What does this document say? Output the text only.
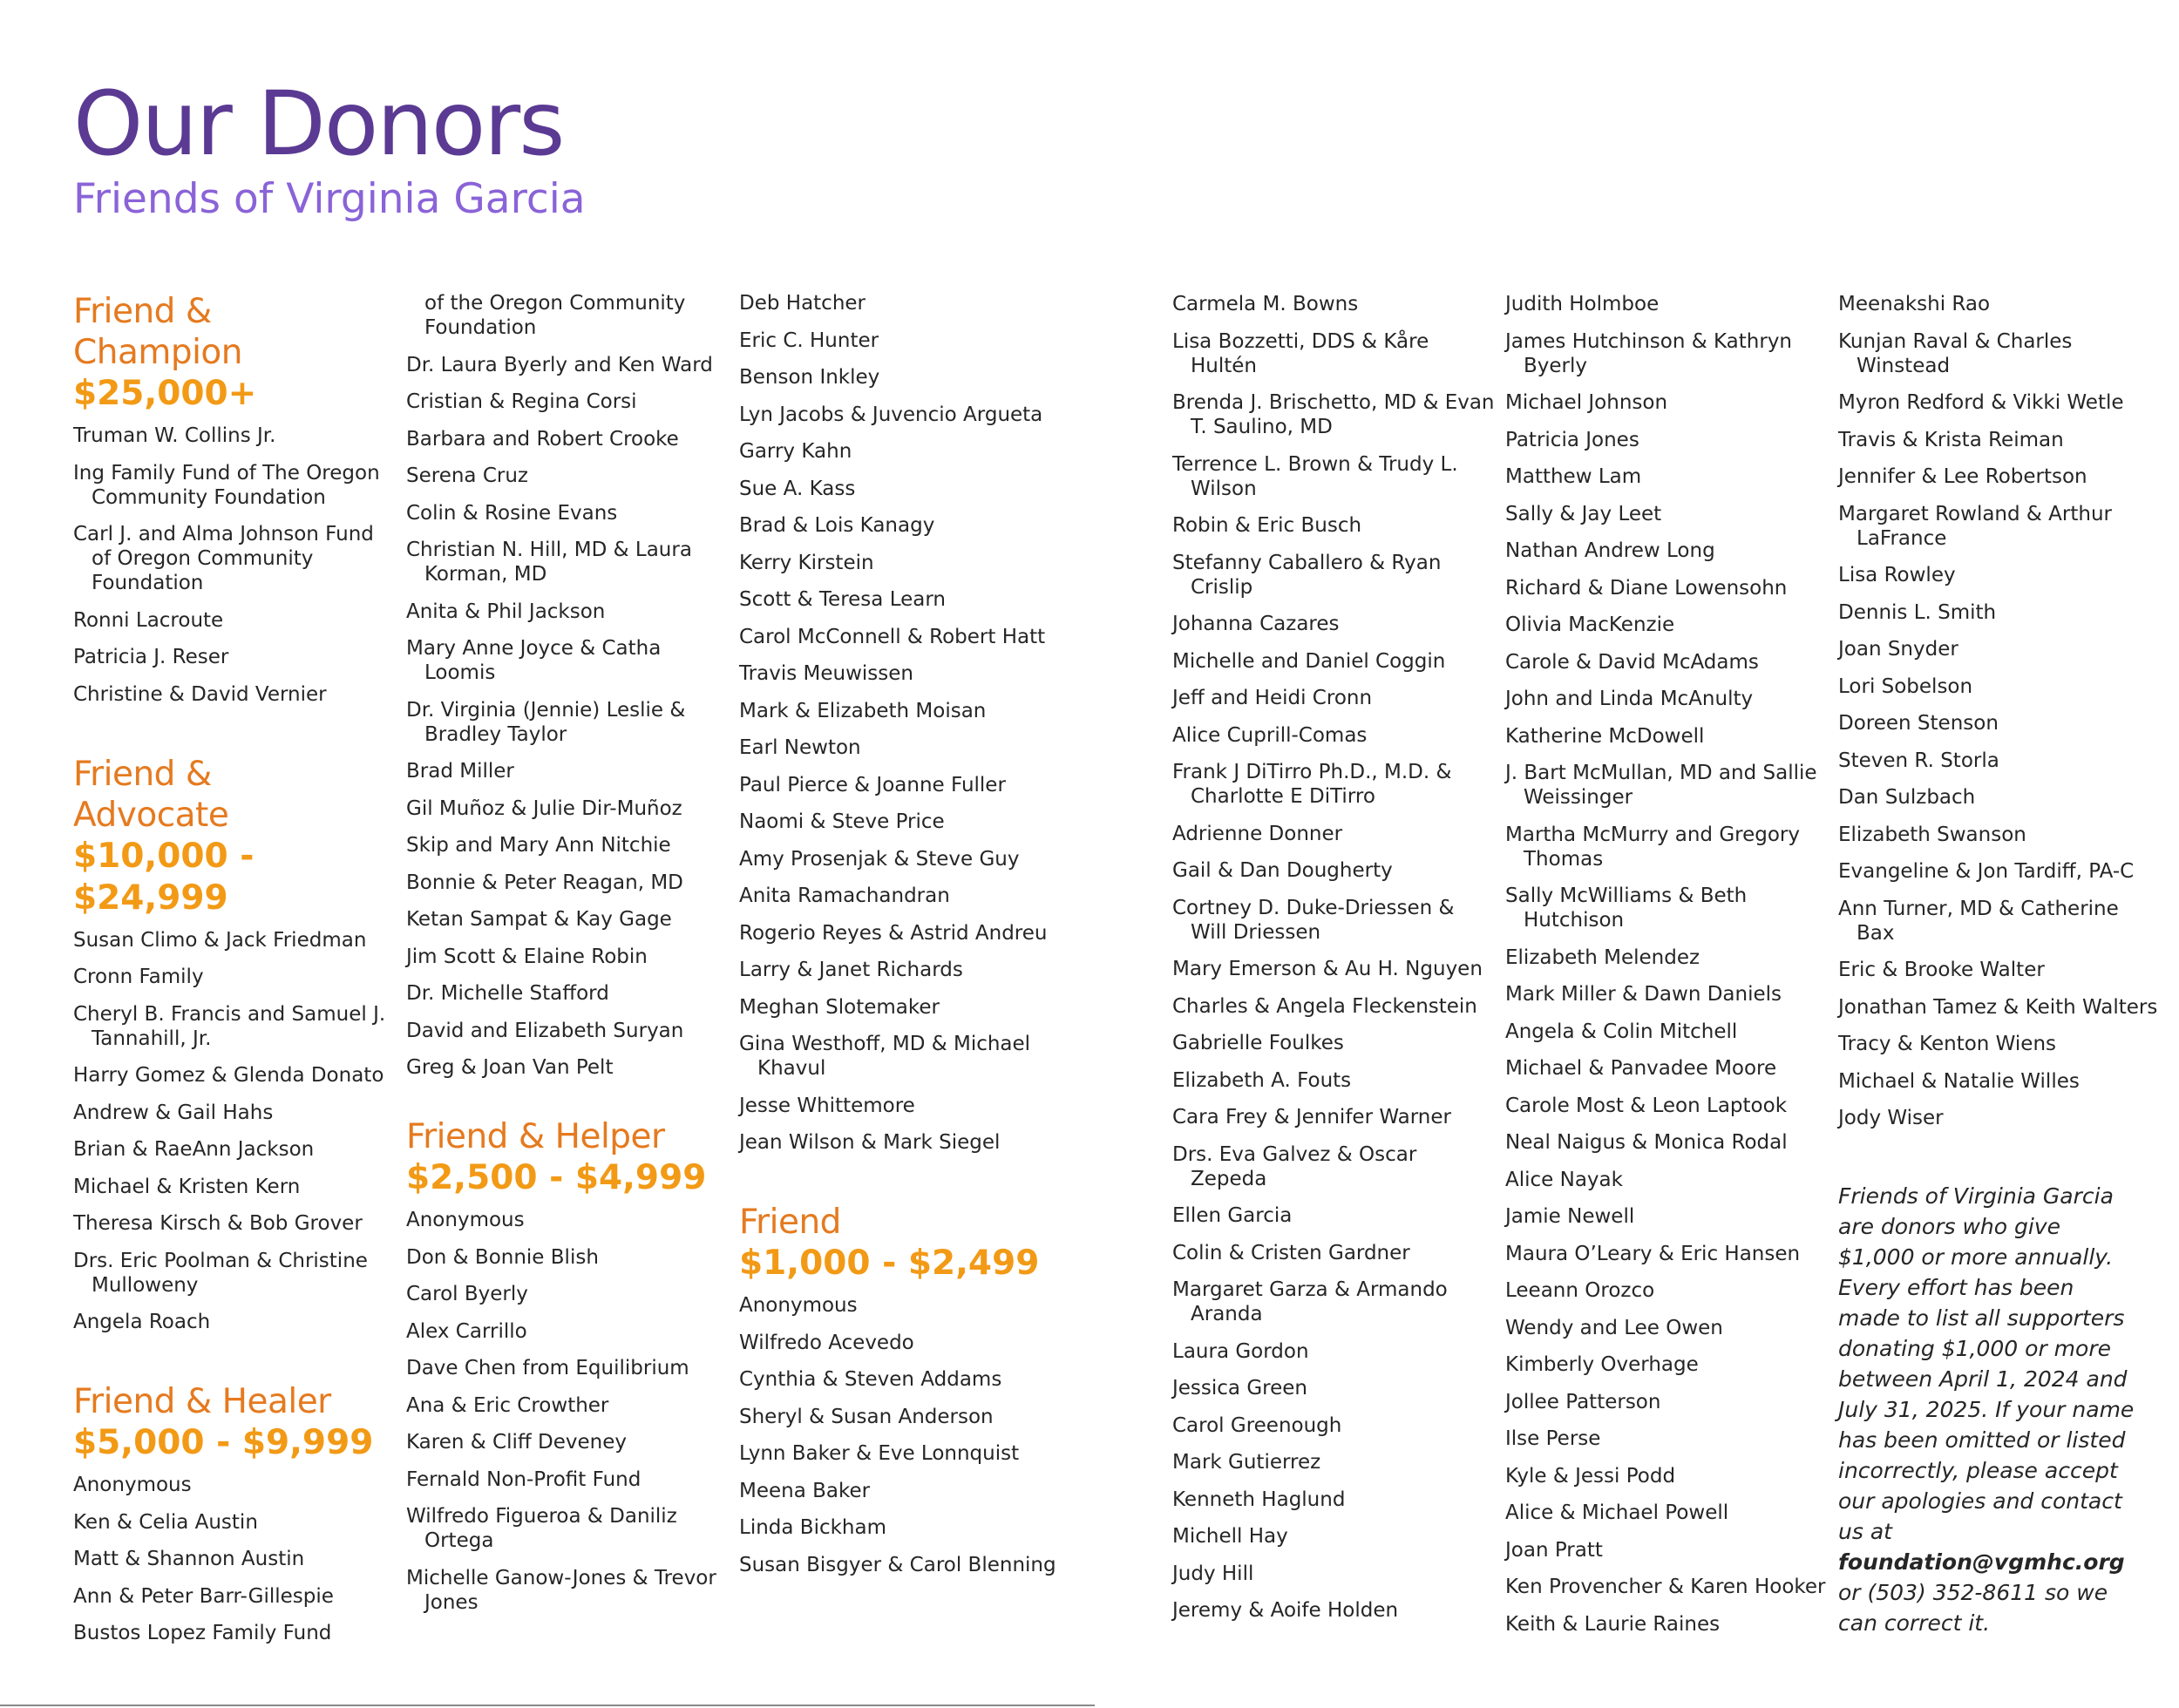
Our Donors
Friends of Virginia Garcia
Friend & Champion
$25,000+
Truman W. Collins Jr.
Ing Family Fund of The Oregon Community Foundation
Carl J. and Alma Johnson Fund of Oregon Community Foundation
Ronni Lacroute
Patricia J. Reser
Christine & David Vernier
Friend & Advocate
$10,000 - $24,999
Susan Climo & Jack Friedman
Cronn Family
Cheryl B. Francis and Samuel J. Tannahill, Jr.
Harry Gomez & Glenda Donato
Andrew & Gail Hahs
Brian & RaeAnn Jackson
Michael & Kristen Kern
Theresa Kirsch & Bob Grover
Drs. Eric Poolman & Christine Mulloweny
Angela Roach
Friend & Healer
$5,000 - $9,999
Anonymous
Ken & Celia Austin
Matt & Shannon Austin
Ann & Peter Barr-Gillespie
Bustos Lopez Family Fund
of the Oregon Community Foundation
Dr. Laura Byerly and Ken Ward
Cristian & Regina Corsi
Barbara and Robert Crooke
Serena Cruz
Colin & Rosine Evans
Christian N. Hill, MD & Laura Korman, MD
Anita & Phil Jackson
Mary Anne Joyce & Catha Loomis
Dr. Virginia (Jennie) Leslie & Bradley Taylor
Brad Miller
Gil Muñoz & Julie Dir-Muñoz
Skip and Mary Ann Nitchie
Bonnie & Peter Reagan, MD
Ketan Sampat & Kay Gage
Jim Scott & Elaine Robin
Dr. Michelle Stafford
David and Elizabeth Suryan
Greg & Joan Van Pelt
Friend & Helper
$2,500 - $4,999
Anonymous
Don & Bonnie Blish
Carol Byerly
Alex Carrillo
Dave Chen from Equilibrium
Ana & Eric Crowther
Karen & Cliff Deveney
Fernald Non-Profit Fund
Wilfredo Figueroa & Daniliz Ortega
Michelle Ganow-Jones & Trevor Jones
Deb Hatcher
Eric C. Hunter
Benson Inkley
Lyn Jacobs & Juvencio Argueta
Garry Kahn
Sue A. Kass
Brad & Lois Kanagy
Kerry Kirstein
Scott & Teresa Learn
Carol McConnell & Robert Hatt
Travis Meuwissen
Mark & Elizabeth Moisan
Earl Newton
Paul Pierce & Joanne Fuller
Naomi & Steve Price
Amy Prosenjak & Steve Guy
Anita Ramachandran
Rogerio Reyes & Astrid Andreu
Larry & Janet Richards
Meghan Slotemaker
Gina Westhoff, MD & Michael Khavul
Jesse Whittemore
Jean Wilson & Mark Siegel
Friend
$1,000 - $2,499
Anonymous
Wilfredo Acevedo
Cynthia & Steven Addams
Sheryl & Susan Anderson
Lynn Baker & Eve Lonnquist
Meena Baker
Linda Bickham
Susan Bisgyer & Carol Blenning
Carmela M. Bowns
Lisa Bozzetti, DDS & Kåre Hultén
Brenda J. Brischetto, MD & Evan T. Saulino, MD
Terrence L. Brown & Trudy L. Wilson
Robin & Eric Busch
Stefanny Caballero & Ryan Crislip
Johanna Cazares
Michelle and Daniel Coggin
Jeff and Heidi Cronn
Alice Cuprill-Comas
Frank J DiTirro Ph.D., M.D. & Charlotte E DiTirro
Adrienne Donner
Gail & Dan Dougherty
Cortney D. Duke-Driessen & Will Driessen
Mary Emerson & Au H. Nguyen
Charles & Angela Fleckenstein
Gabrielle Foulkes
Elizabeth A. Fouts
Cara Frey & Jennifer Warner
Drs. Eva Galvez & Oscar Zepeda
Ellen Garcia
Colin & Cristen Gardner
Margaret Garza & Armando Aranda
Laura Gordon
Jessica Green
Carol Greenough
Mark Gutierrez
Kenneth Haglund
Michell Hay
Judy Hill
Jeremy & Aoife Holden
Judith Holmboe
James Hutchinson & Kathryn Byerly
Michael Johnson
Patricia Jones
Matthew Lam
Sally & Jay Leet
Nathan Andrew Long
Richard & Diane Lowensohn
Olivia MacKenzie
Carole & David McAdams
John and Linda McAnulty
Katherine McDowell
J. Bart McMullan, MD and Sallie Weissinger
Martha McMurry and Gregory Thomas
Sally McWilliams & Beth Hutchison
Elizabeth Melendez
Mark Miller & Dawn Daniels
Angela & Colin Mitchell
Michael & Panvadee Moore
Carole Most & Leon Laptook
Neal Naigus & Monica Rodal
Alice Nayak
Jamie Newell
Maura O’Leary & Eric Hansen
Leeann Orozco
Wendy and Lee Owen
Kimberly Overhage
Jollee Patterson
Ilse Perse
Kyle & Jessi Podd
Alice & Michael Powell
Joan Pratt
Ken Provencher & Karen Hooker
Keith & Laurie Raines
Meenakshi Rao
Kunjan Raval & Charles Winstead
Myron Redford & Vikki Wetle
Travis & Krista Reiman
Jennifer & Lee Robertson
Margaret Rowland & Arthur LaFrance
Lisa Rowley
Dennis L. Smith
Joan Snyder
Lori Sobelson
Doreen Stenson
Steven R. Storla
Dan Sulzbach
Elizabeth Swanson
Evangeline & Jon Tardiff, PA-C
Ann Turner, MD & Catherine Bax
Eric & Brooke Walter
Jonathan Tamez & Keith Walters
Tracy & Kenton Wiens
Michael & Natalie Willes
Jody Wiser

Friends of Virginia Garcia are donors who give $1,000 or more annually. Every effort has been made to list all supporters donating $1,000 or more between April 1, 2024 and July 31, 2025. If your name has been omitted or listed incorrectly, please accept our apologies and contact us at foundation@vgmhc.org or (503) 352-8611 so we can correct it.
